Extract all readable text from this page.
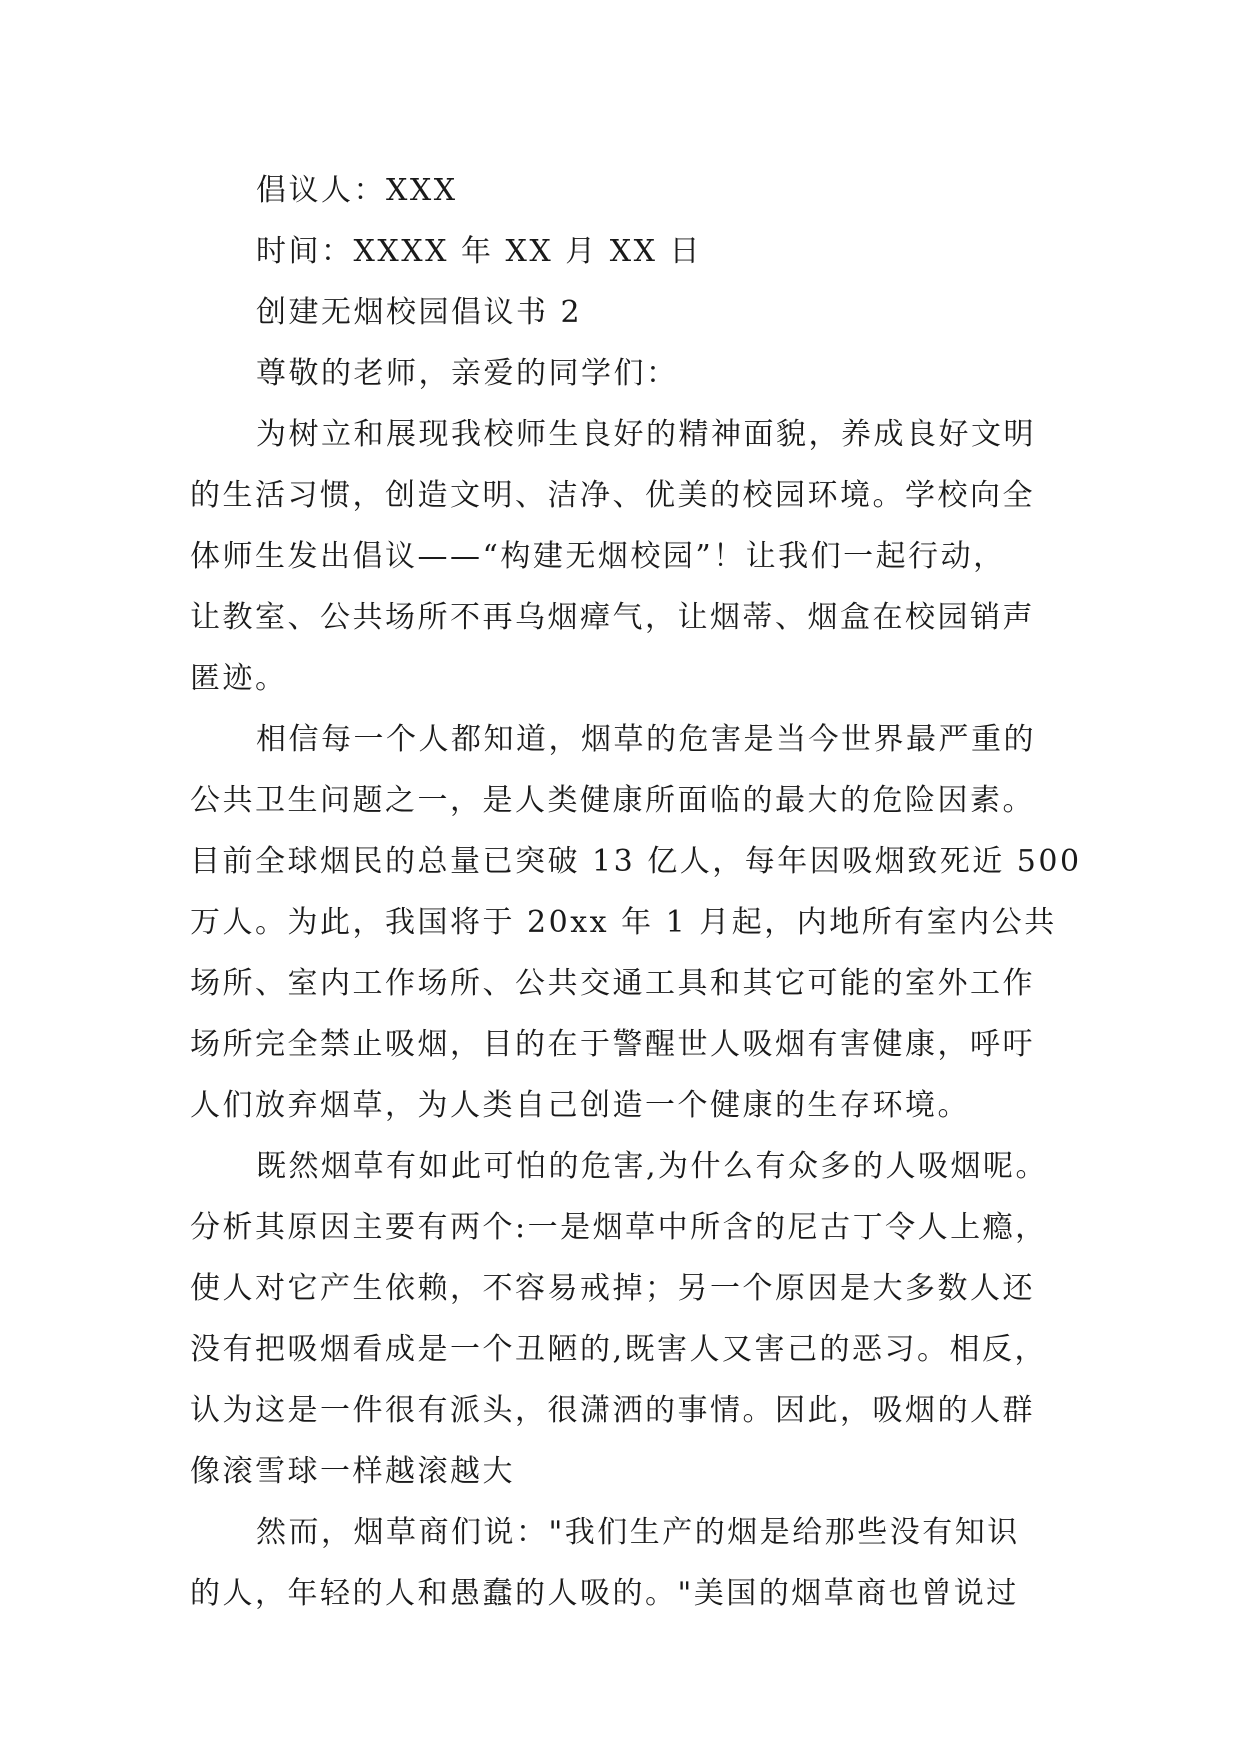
倡议人：XXX

时间：XXXX 年 XX 月 XX 日

创建无烟校园倡议书 2

尊敬的老师，亲爱的同学们：

为树立和展现我校师生良好的精神面貌，养成良好文明

的生活习惯，创造文明、洁净、优美的校园环境。学校向全

体师生发出倡议——“构建无烟校园”！让我们一起行动，

让教室、公共场所不再乌烟瘴气，让烟蒂、烟盒在校园销声

匿迹。

相信每一个人都知道，烟草的危害是当今世界最严重的

公共卫生问题之一，是人类健康所面临的最大的危险因素。

目前全球烟民的总量已突破 13 亿人，每年因吸烟致死近 500

万人。为此，我国将于 20xx 年 1 月起，内地所有室内公共

场所、室内工作场所、公共交通工具和其它可能的室外工作

场所完全禁止吸烟，目的在于警醒世人吸烟有害健康，呼吁

人们放弃烟草，为人类自己创造一个健康的生存环境。

既然烟草有如此可怕的危害,为什么有众多的人吸烟呢。

分析其原因主要有两个:一是烟草中所含的尼古丁令人上瘾，

使人对它产生依赖，不容易戒掉；另一个原因是大多数人还

没有把吸烟看成是一个丑陋的,既害人又害己的恶习。相反，

认为这是一件很有派头，很潇洒的事情。因此，吸烟的人群

像滚雪球一样越滚越大

然而，烟草商们说："我们生产的烟是给那些没有知识

的人，年轻的人和愚蠢的人吸的。"美国的烟草商也曾说过
